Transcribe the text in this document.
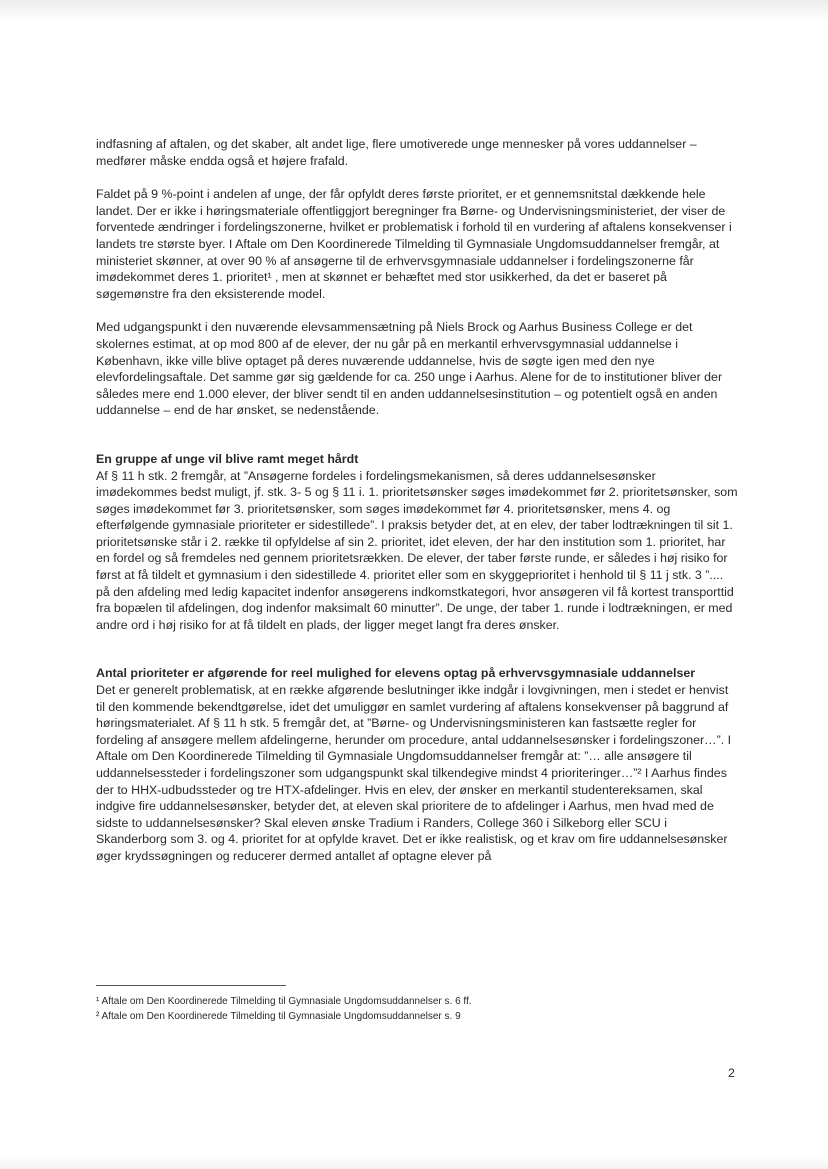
indfasning af aftalen, og det skaber, alt andet lige, flere umotiverede unge mennesker på vores uddannelser – medfører måske endda også et højere frafald.

Faldet på 9 %-point i andelen af unge, der får opfyldt deres første prioritet, er et gennemsnitstal dækkende hele landet. Der er ikke i høringsmateriale offentliggjort beregninger fra Børne- og Undervisningsministeriet, der viser de forventede ændringer i fordelingszonerne, hvilket er problematisk i forhold til en vurdering af aftalens konsekvenser i landets tre største byer. I Aftale om Den Koordinerede Tilmelding til Gymnasiale Ungdomsuddannelser fremgår, at ministeriet skønner, at over 90 % af ansøgerne til de erhvervsgymnasiale uddannelser i fordelingszonerne får imødekommet deres 1. prioritet¹ , men at skønnet er behæftet med stor usikkerhed, da det er baseret på søgemønstre fra den eksisterende model.

Med udgangspunkt i den nuværende elevsammensætning på Niels Brock og Aarhus Business College er det skolernes estimat, at op mod 800 af de elever, der nu går på en merkantil erhvervsgymnasial uddannelse i København, ikke ville blive optaget på deres nuværende uddannelse, hvis de søgte igen med den nye elevfordelingsaftale. Det samme gør sig gældende for ca. 250 unge i Aarhus. Alene for de to institutioner bliver der således mere end 1.000 elever, der bliver sendt til en anden uddannelsesinstitution – og potentielt også en anden uddannelse – end de har ønsket, se nedenstående.

En gruppe af unge vil blive ramt meget hårdt

Af § 11 h stk. 2 fremgår, at ”Ansøgerne fordeles i fordelingsmekanismen, så deres uddannelsesønsker imødekommes bedst muligt, jf. stk. 3- 5 og § 11 i. 1. prioritetsønsker søges imødekommet før 2. prioritetsønsker, som søges imødekommet før 3. prioritetsønsker, som søges imødekommet før 4. prioritetsønsker, mens 4. og efterfølgende gymnasiale prioriteter er sidestillede”. I praksis betyder det, at en elev, der taber lodtrækningen til sit 1. prioritetsønske står i 2. række til opfyldelse af sin 2. prioritet, idet eleven, der har den institution som 1. prioritet, har en fordel og så fremdeles ned gennem prioritetsrækken. De elever, der taber første runde, er således i høj risiko for først at få tildelt et gymnasium i den sidestillede 4. prioritet eller som en skyggeprioritet i henhold til § 11 j stk. 3 ”.... på den afdeling med ledig kapacitet indenfor ansøgerens indkomstkategori, hvor ansøgeren vil få kortest transporttid fra bopælen til afdelingen, dog indenfor maksimalt 60 minutter”. De unge, der taber 1. runde i lodtrækningen, er med andre ord i høj risiko for at få tildelt en plads, der ligger meget langt fra deres ønsker.

Antal prioriteter er afgørende for reel mulighed for elevens optag på erhvervsgymnasiale uddannelser

Det er generelt problematisk, at en række afgørende beslutninger ikke indgår i lovgivningen, men i stedet er henvist til den kommende bekendtgørelse, idet det umuliggør en samlet vurdering af aftalens konsekvenser på baggrund af høringsmaterialet. Af § 11 h stk. 5 fremgår det, at ”Børne- og Undervisningsministeren kan fastsætte regler for fordeling af ansøgere mellem afdelingerne, herunder om procedure, antal uddannelsesønsker i fordelingszoner…”. I Aftale om Den Koordinerede Tilmelding til Gymnasiale Ungdomsuddannelser fremgår at: ”… alle ansøgere til uddannelsessteder i fordelingszoner som udgangspunkt skal tilkendegive mindst 4 prioriteringer…”² I Aarhus findes der to HHX-udbudssteder og tre HTX-afdelinger. Hvis en elev, der ønsker en merkantil studentereksamen, skal indgive fire uddannelsesønsker, betyder det, at eleven skal prioritere de to afdelinger i Aarhus, men hvad med de sidste to uddannelsesønsker? Skal eleven ønske Tradium i Randers, College 360 i Silkeborg eller SCU i Skanderborg som 3. og 4. prioritet for at opfylde kravet. Det er ikke realistisk, og et krav om fire uddannelsesønsker øger krydssøgningen og reducerer dermed antallet af optagne elever på

¹ Aftale om Den Koordinerede Tilmelding til Gymnasiale Ungdomsuddannelser s. 6 ff.
² Aftale om Den Koordinerede Tilmelding til Gymnasiale Ungdomsuddannelser s. 9
2
